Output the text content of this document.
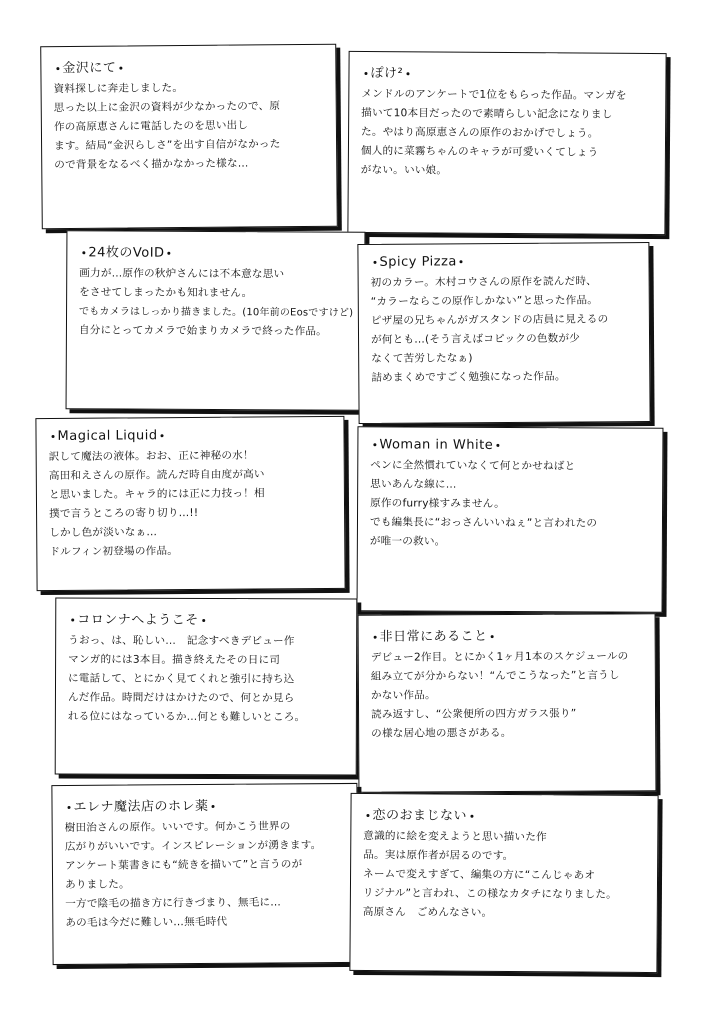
金沢にて
資料探しに奔走しました。
思った以上に金沢の資料が少なかったので、原
作の高原恵さんに電話したのを思い出し
ます。結局“金沢らしさ”を出す自信がなかった
ので背景をなるべく描かなかった様な…
ぽけ²
メンドルのアンケートで1位をもらった作品。マンガを
描いて10本目だったので素晴らしい記念になりまし
た。やはり高原恵さんの原作のおかげでしょう。
個人的に菜霧ちゃんのキャラが可愛いくてしょう
がない。いい娘。
24枚のVoID
画力が…原作の秋炉さんには不本意な思い
をさせてしまったかも知れません。
でもカメラはしっかり描きました。(10年前のEosですけど)
自分にとってカメラで始まりカメラで終った作品。
Spicy Pizza
初のカラー。木村コウさんの原作を読んだ時、
“カラーならこの原作しかない”と思った作品。
ピザ屋の兄ちゃんがガスタンドの店員に見えるの
が何とも…(そう言えばコピックの色数が少
なくて苦労したなぁ)
詰めまくめですごく勉強になった作品。
Magical Liquid
訳して魔法の液体。おお、正に神秘の水！
高田和えさんの原作。読んだ時自由度が高い
と思いました。キャラ的には正に力技っ！相
撲で言うところの寄り切り…!!
しかし色が淡いなぁ…
ドルフィン初登場の作品。
Woman in White
ペンに全然慣れていなくて何とかせねばと
思いあんな線に…
原作のfurry様すみません。
でも編集長に“おっさんいいねぇ”と言われたの
が唯一の救い。
コロンナへようこそ
うおっ、は、恥しい…　記念すべきデビュー作
マンガ的には3本目。描き終えたその日に司
に電話して、とにかく見てくれと強引に持ち込
んだ作品。時間だけはかけたので、何とか見ら
れる位にはなっているか…何とも難しいところ。
非日常にあること
デビュー2作目。とにかく1ヶ月1本のスケジュールの
組み立てが分からない！“んでこうなった”と言うし
かない作品。
読み返すし、“公衆便所の四方ガラス張り”
の様な居心地の悪さがある。
エレナ魔法店のホレ薬
樹田治さんの原作。いいです。何かこう世界の
広がりがいいです。インスピレーションが湧きます。
アンケート葉書きにも“続きを描いて”と言うのが
ありました。
一方で陰毛の描き方に行きづまり、無毛に…
あの毛は今だに難しい…無毛時代
恋のおまじない
意識的に絵を変えようと思い描いた作
品。実は原作者が居るのです。
ネームで変えすぎて、編集の方に“こんじゃあオ
リジナル”と言われ、この様なカタチになりました。
高原さん　ごめんなさい。
